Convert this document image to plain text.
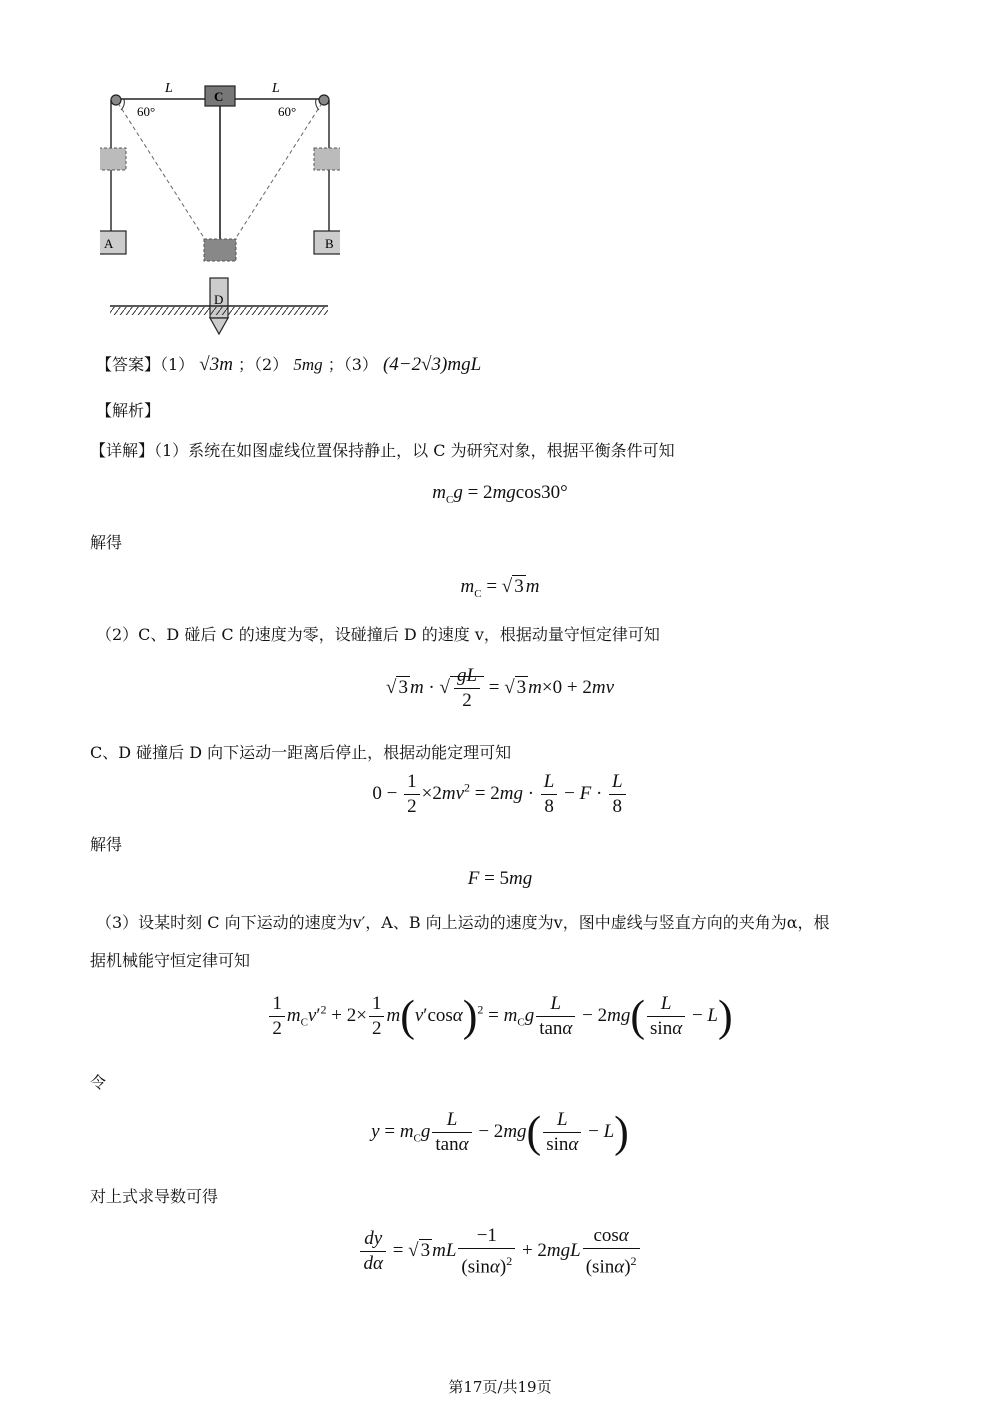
L	L
C
60°	60°
A	B
D
【答案】（1） √3m ；（2） 5mg ；（3） (4−2√3)mgL
【解析】
【详解】（1）系统在如图虚线位置保持静止，以 C 为研究对象，根据平衡条件可知
$m_Cg = 2mgcos30^\circ$
解得
$m_C$ = √ 3 m
（2）C、D 碰后 C 的速度为零，设碰撞后 D 的速度 v，根据动量守恒定律可知
√ 3 m · √ $\frac{gL}{2}$ = √ 3 m×0 + 2mv
C、D 碰撞后 D 向下运动一距离后停止，根据动能定理可知
$0 - \frac{1}{2} \times 2mv^2 = 2mg \cdot \frac{L}{8} - F \cdot \frac{L}{8}$
解得
F = 5mg
（3）设某时刻 C 向下运动的速度为v′，A、B 向上运动的速度为v，图中虚线与竖直方向的夹角为α，根
据机械能守恒定律可知
$\frac{1}{2} m_Cv'^2 + 2\times \frac{1}{2} m(v'\cos\alpha)^2 = m_Cg \frac{L}{\tan\alpha} - 2mg( \frac{L}{\sin\alpha} - L)$
令
$y = m_Cg \frac{L}{\tan\alpha} - 2mg( \frac{L}{\sin\alpha} - L)$
对上式求导数可得
$\frac{dy}{d\alpha}$ = √ 3 mL $\frac{-1}{(\sin\alpha)^2} + 2mgL \frac{\cos\alpha}{(\sin\alpha)^2}$
第17页/共19页
